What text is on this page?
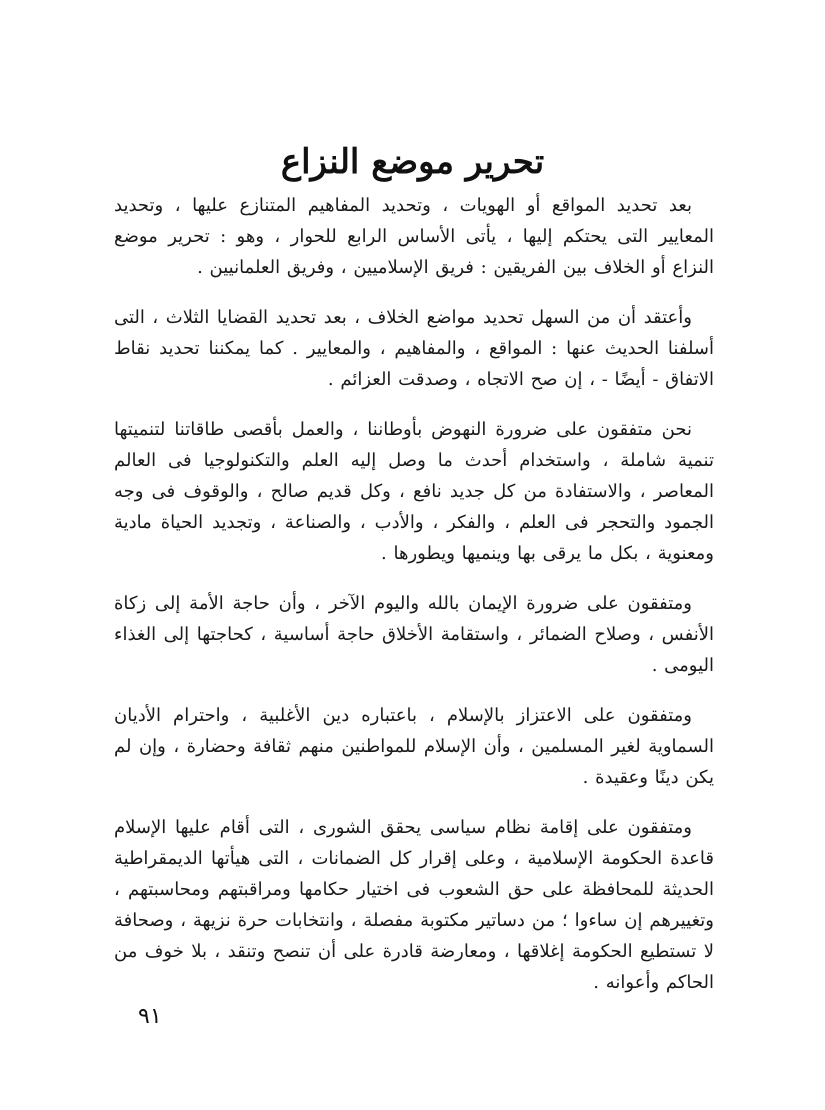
تحرير موضع النزاع

بعد تحديد المواقع أو الهويات ، وتحديد المفاهيم المتنازع عليها ، وتحديد المعايير التى يحتكم إليها ، يأتى الأساس الرابع للحوار ، وهو : تحرير موضع النزاع أو الخلاف بين الفريقين : فريق الإسلاميين ، وفريق العلمانيين .

وأعتقد أن من السهل تحديد مواضع الخلاف ، بعد تحديد القضايا الثلاث ، التى أسلفنا الحديث عنها : المواقع ، والمفاهيم ، والمعايير . كما يمكننا تحديد نقاط الاتفاق - أيضًا - ، إن صح الاتجاه ، وصدقت العزائم .

نحن متفقون على ضرورة النهوض بأوطاننا ، والعمل بأقصى طاقاتنا لتنميتها تنمية شاملة ، واستخدام أحدث ما وصل إليه العلم والتكنولوجيا فى العالم المعاصر ، والاستفادة من كل جديد نافع ، وكل قديم صالح ، والوقوف فى وجه الجمود والتحجر فى العلم ، والفكر ، والأدب ، والصناعة ، وتجديد الحياة مادية ومعنوية ، بكل ما يرقى بها وينميها ويطورها .

ومتفقون على ضرورة الإيمان بالله واليوم الآخر ، وأن حاجة الأمة إلى زكاة الأنفس ، وصلاح الضمائر ، واستقامة الأخلاق حاجة أساسية ، كحاجتها إلى الغذاء اليومى .

ومتفقون على الاعتزاز بالإسلام ، باعتباره دين الأغلبية ، واحترام الأديان السماوية لغير المسلمين ، وأن الإسلام للمواطنين منهم ثقافة وحضارة ، وإن لم يكن دينًا وعقيدة .

ومتفقون على إقامة نظام سياسى يحقق الشورى ، التى أقام عليها الإسلام قاعدة الحكومة الإسلامية ، وعلى إقرار كل الضمانات ، التى هيأتها الديمقراطية الحديثة للمحافظة على حق الشعوب فى اختيار حكامها ومراقبتهم ومحاسبتهم ، وتغييرهم إن ساءوا ؛ من دساتير مكتوبة مفصلة ، وانتخابات حرة نزيهة ، وصحافة لا تستطيع الحكومة إغلاقها ، ومعارضة قادرة على أن تنصح وتنقد ، بلا خوف من الحاكم وأعوانه .

٩١
